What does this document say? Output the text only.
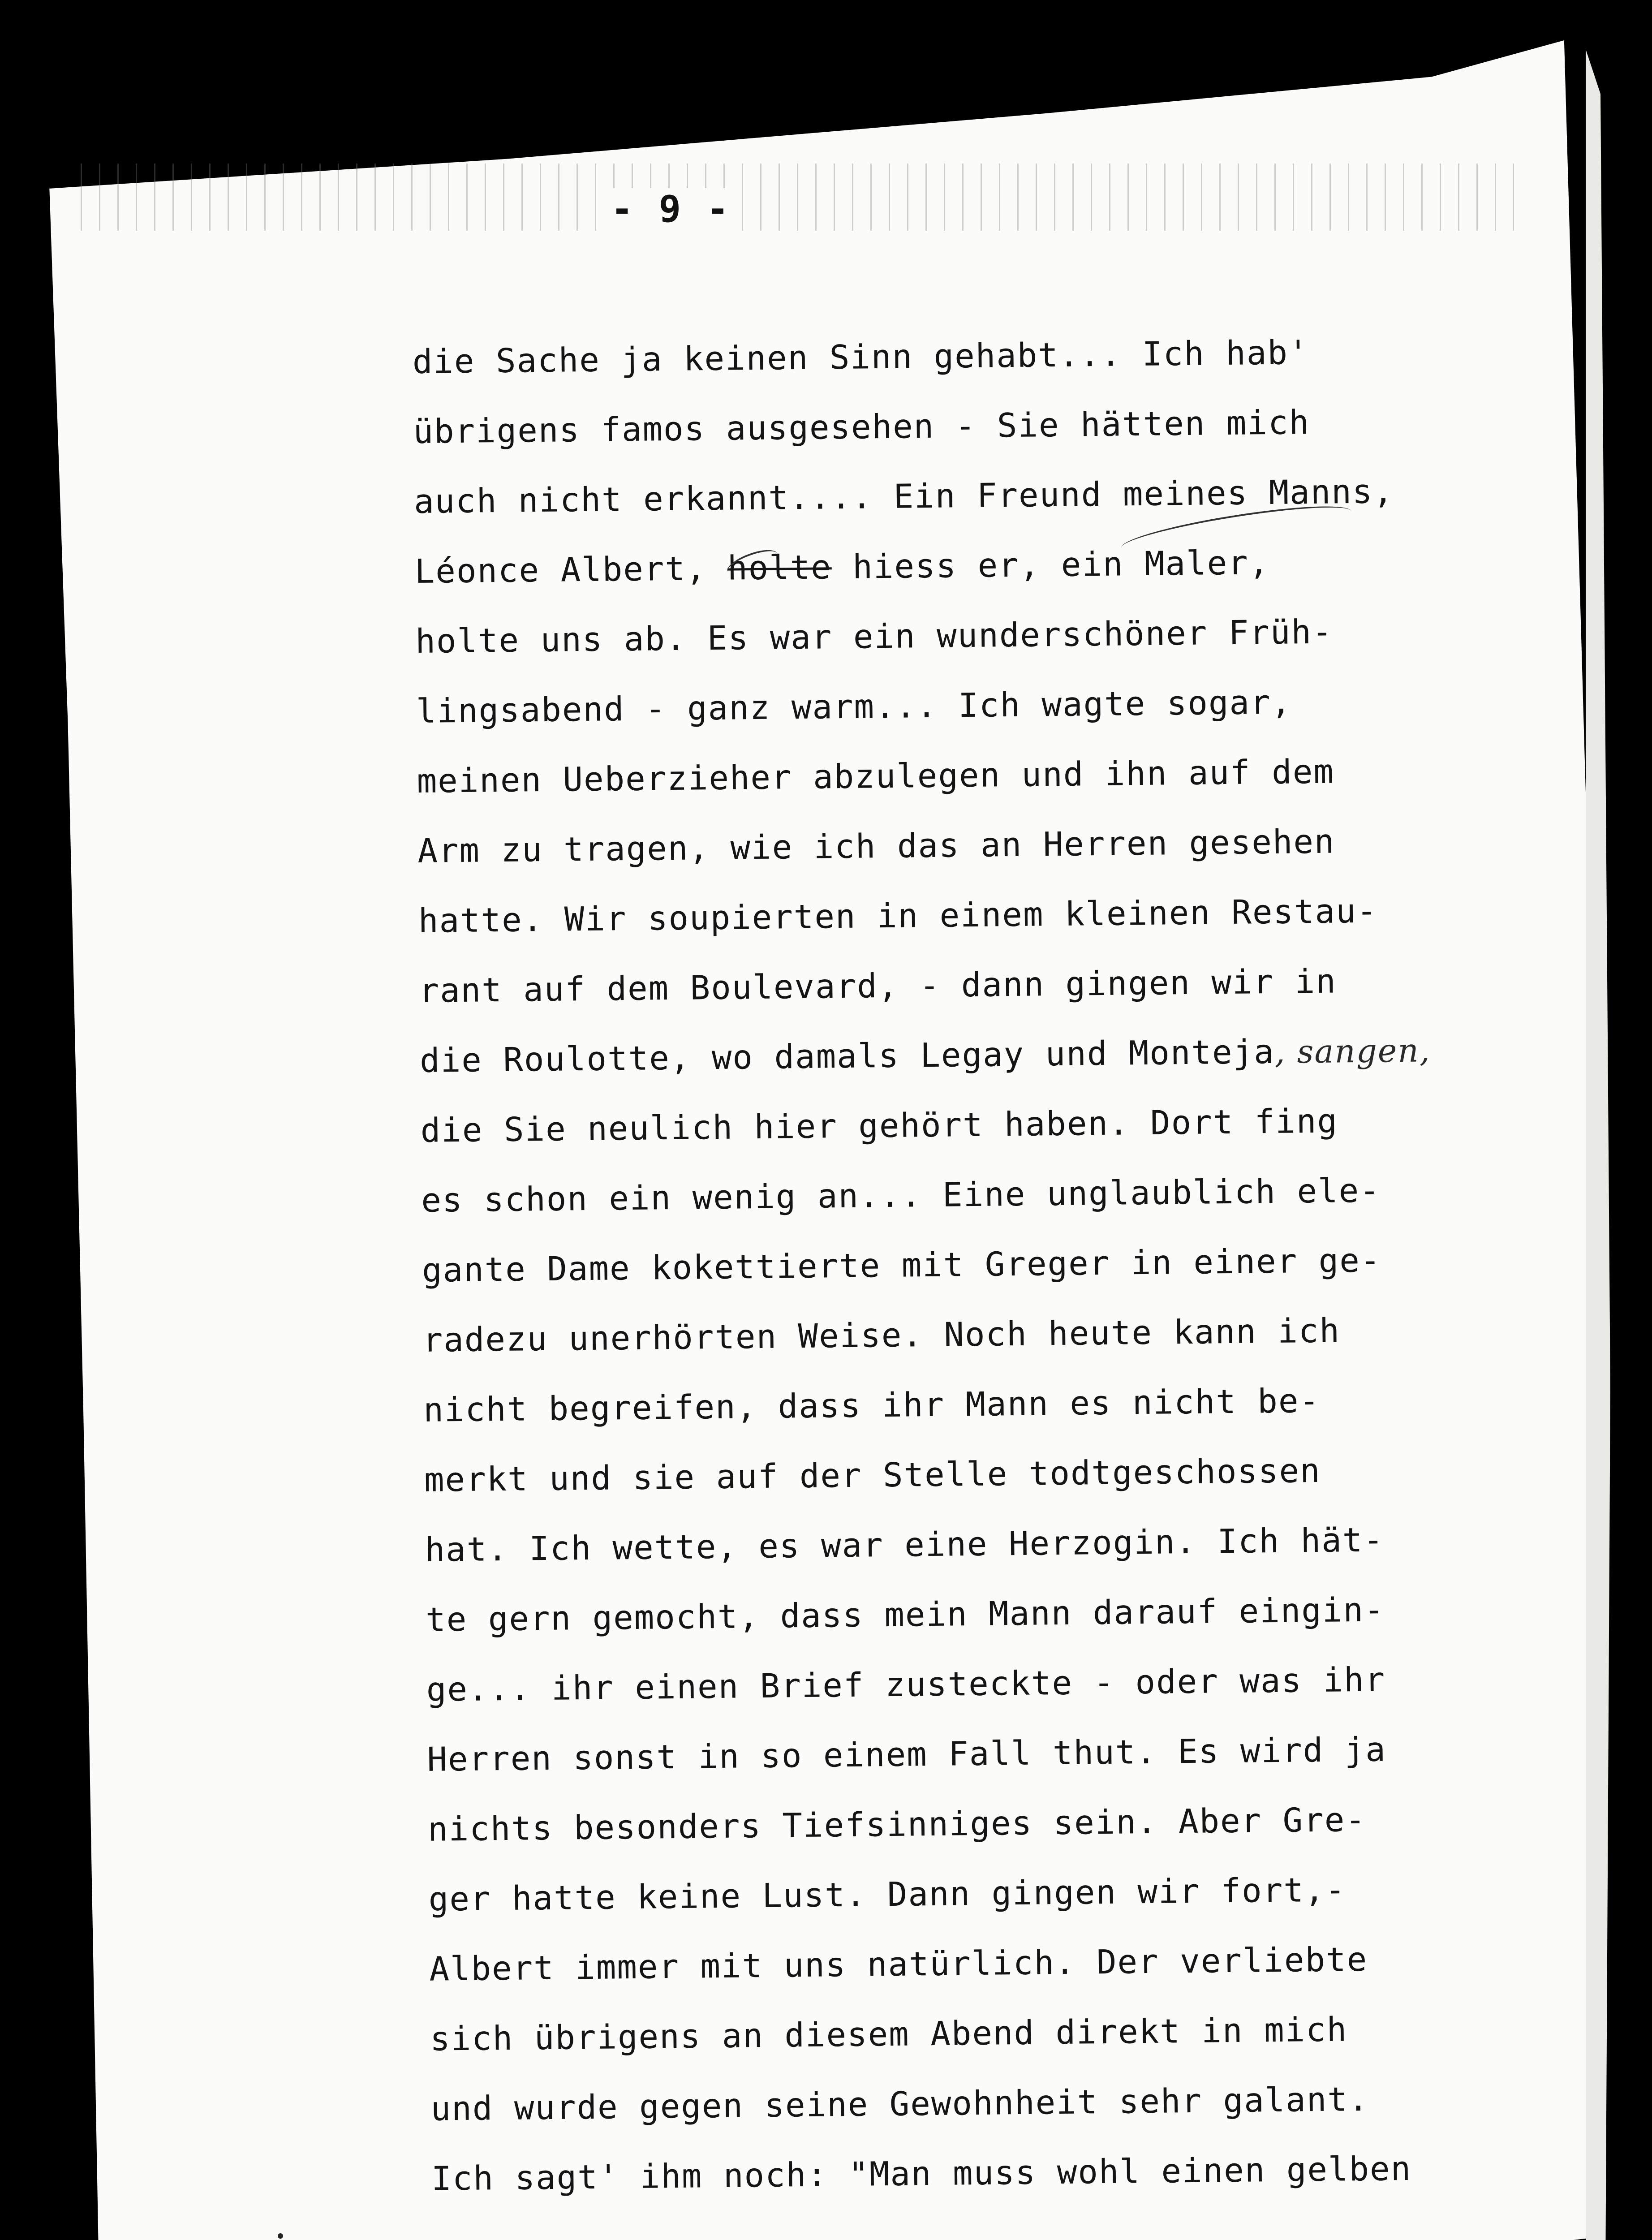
- 9 -
die Sache ja keinen Sinn gehabt... Ich hab'
übrigens famos ausgesehen - Sie hätten mich
auch nicht erkannt.... Ein Freund meines Manns,
Léonce Albert, holte hiess er, ein Maler,
holte uns ab. Es war ein wunderschöner Früh-
lingsabend - ganz warm... Ich wagte sogar,
meinen Ueberzieher abzulegen und ihn auf dem
Arm zu tragen, wie ich das an Herren gesehen
hatte. Wir soupierten in einem kleinen Restau-
rant auf dem Boulevard, - dann gingen wir in
die Roulotte, wo damals Legay und Monteja, sangen,
die Sie neulich hier gehört haben. Dort fing
es schon ein wenig an... Eine unglaublich ele-
gante Dame kokettierte mit Greger in einer ge-
radezu unerhörten Weise. Noch heute kann ich
nicht begreifen, dass ihr Mann es nicht be-
merkt und sie auf der Stelle todtgeschossen
hat. Ich wette, es war eine Herzogin. Ich hät-
te gern gemocht, dass mein Mann darauf eingin-
ge... ihr einen Brief zusteckte - oder was ihr
Herren sonst in so einem Fall thut. Es wird ja
nichts besonders Tiefsinniges sein. Aber Gre-
ger hatte keine Lust. Dann gingen wir fort,-
Albert immer mit uns natürlich. Der verliebte
sich übrigens an diesem Abend direkt in mich
und wurde gegen seine Gewohnheit sehr galant.
Ich sagt' ihm noch: "Man muss wohl einen gelben
